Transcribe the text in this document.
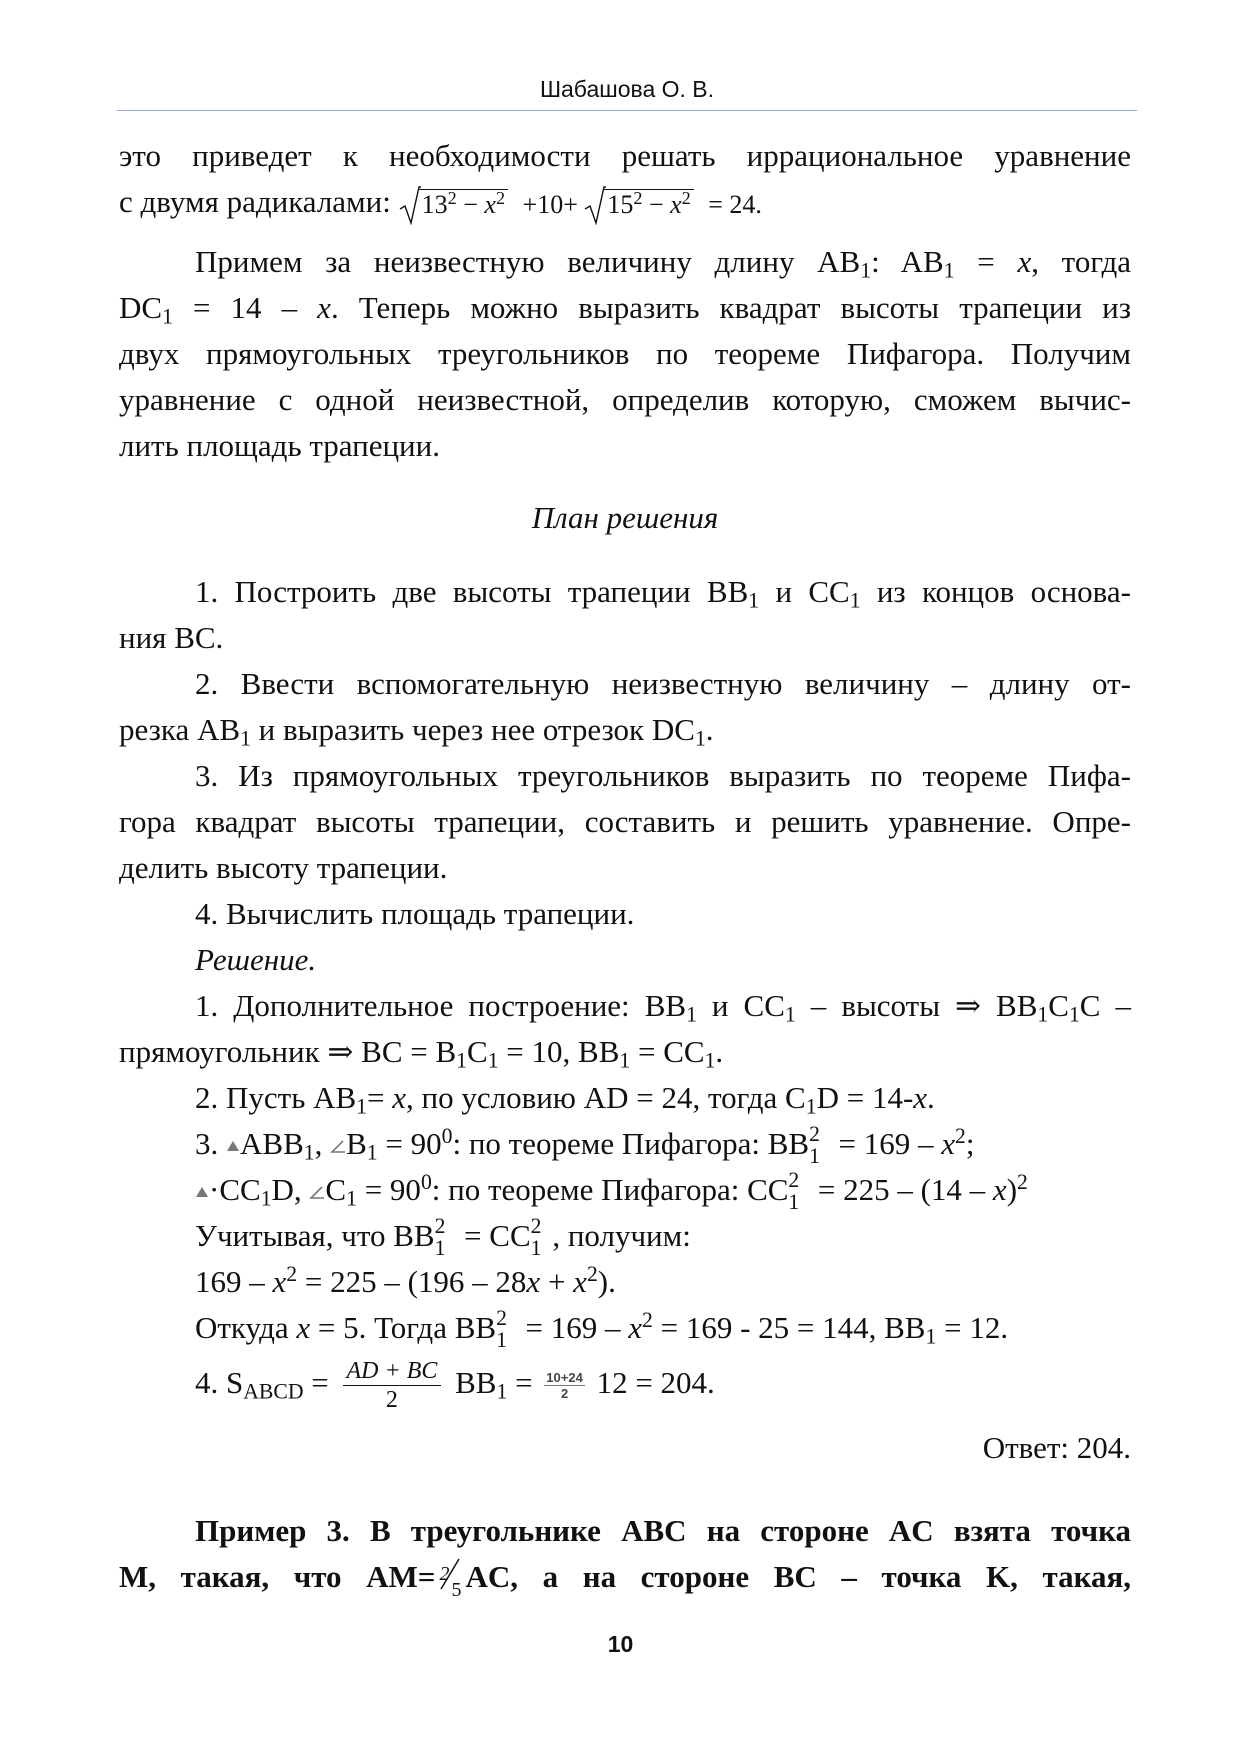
Шабашова О. В.
это приведет к необходимости решать иррациональное уравнение
с двумя радикалами: $13^2 - x^2 +10+ 15^2 - x^2 = 24$.
Примем за неизвестную величину длину $AB_1$: $AB_1 = x$, тогда
$DC_1 = 14 - x$. Теперь можно выразить квадрат высоты трапеции из
двух прямоугольных треугольников по теореме Пифагора. Получим
уравнение с одной неизвестной, определив которую, сможем вычис-
лить площадь трапеции.
План решения
1. Построить две высоты трапеции $BB_1$ и $CC_1$ из концов основа-
ния BC.
2. Ввести вспомогательную неизвестную величину – длину от-
резка $AB_1$ и выразить через нее отрезок $DC_1$.
3. Из прямоугольных треугольников выразить по теореме Пифа-
гора квадрат высоты трапеции, составить и решить уравнение. Опре-
делить высоту трапеции.
4. Вычислить площадь трапеции.
Решение.
1. Дополнительное построение: $BB_1$ и $CC_1$ – высоты ⇒ $BB_1C_1C$ –
прямоугольник ⇒ BC = $B_1C_1 = 10$, $BB_1 = CC_1$.
2. Пусть $AB_1= x$, по условию AD = 24, тогда $C_1D = 14-x$.
3. $ABB_1$, $B_1 = 90^0$: по теореме Пифагора: BB 2
$1 = 169 - x^2$;
$\cdot CC_1D$, $C_1 = 90^0$: по теореме Пифагора: CC 2
1 = 225 – (14 – x)$^2$
Учитывая, что BB 2
1 = CC 2
1 , получим:
$169 - x^2 = 225 - (196 - 28x + x^2)$.
Откуда x = 5. Тогда BB 2
$1 = 169 - x^2 = 169 - 25 = 144$, $BB_1 = 12$.
4. $S_{ABCD} = \frac{AD + BC}{2} BB_1 = \frac{10+24}{2} 12 = 204$.
Ответ: 204.
Пример 3. В треугольнике ABC на стороне AC взята точка
M, такая, что AM= 2
5 AC, а на стороне BC – точка K, такая,
10
